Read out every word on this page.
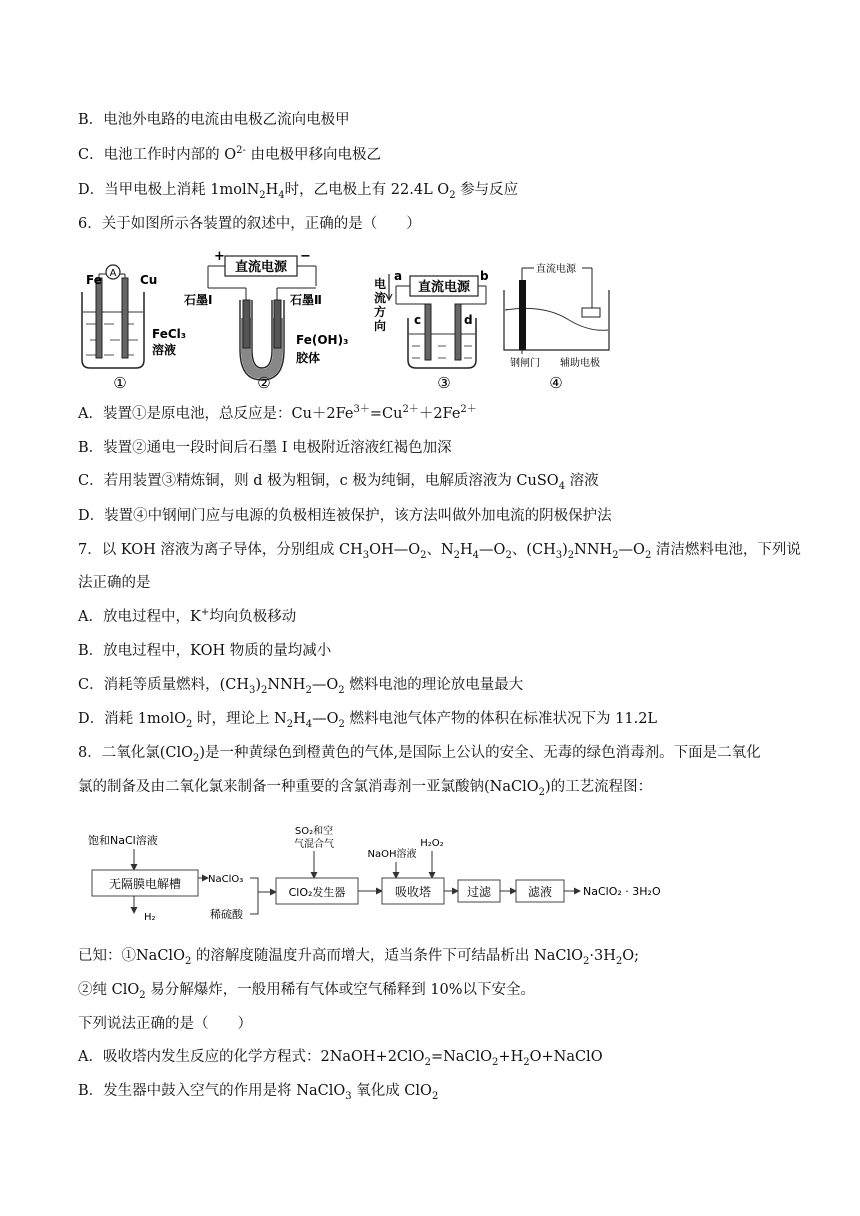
B．电池外电路的电流由电极乙流向电极甲
C．电池工作时内部的 $O^{2-}$ 由电极甲移向电极乙
D．当甲电极上消耗 $1molN_2H_4$时，乙电极上有 22.4L $O_2$ 参与反应
6．关于如图所示各装置的叙述中，正确的是（　　）
A
Fe	Cu
FeCl₃
溶液
①
+	−
直流电源
石墨Ⅰ	石墨Ⅱ
Fe(OH)₃
胶体
②
电
流
方
向
a	b
直流电源
c	d
③
直流电源
钢闸门 辅助电极
④
A．装置①是原电池，总反应是：$Cu+2Fe^{3+}=Cu^{2+}+2Fe^{2+}$
B．装置②通电一段时间后石墨 I 电极附近溶液红褐色加深
C．若用装置③精炼铜，则 d 极为粗铜，c 极为纯铜，电解质溶液为 CuSO$_4$ 溶液
D．装置④中钢闸门应与电源的负极相连被保护，该方法叫做外加电流的阴极保护法
7．以 KOH 溶液为离子导体，分别组成 $CH_3OH—O_2$、$N_2H_4—O_2$、$(CH_3)_2NNH_2—O_2$ 清洁燃料电池，下列说
法正确的是
A．放电过程中，K+均向负极移动
B．放电过程中，KOH 物质的量均减小
C．消耗等质量燃料，$(CH_3)_2NNH_2—O_2$ 燃料电池的理论放电量最大
D．消耗 1molO$_2$ 时，理论上 $N_2H_4—O_2$ 燃料电池气体产物的体积在标准状况下为 11.2L
8．二氧化氯(ClO$_2$)是一种黄绿色到橙黄色的气体,是国际上公认的安全、无毒的绿色消毒剂。下面是二氧化
氯的制备及由二氧化氯来制备一种重要的含氯消毒剂一亚氯酸钠(NaClO$_2$)的工艺流程图：
饱和NaCl溶液
无隔膜电解槽
H₂
NaClO₃
稀硫酸
SO₂和空
气混合气
ClO₂发生器
NaOH溶液
H₂O₂
吸收塔	过滤	滤液	NaClO₂ · 3H₂O
已知：①NaClO$_2$ 的溶解度随温度升高而增大，适当条件下可结晶析出 $NaClO_2\cdot 3H_2O$;
②纯 ClO$_2$ 易分解爆炸，一般用稀有气体或空气稀释到 10%以下安全。
下列说法正确的是（　　）
A．吸收塔内发生反应的化学方程式：$2NaOH+2ClO_2=NaClO_2+H_2O+NaClO$
B．发生器中鼓入空气的作用是将 NaClO$_3$ 氧化成 ClO$_2$
